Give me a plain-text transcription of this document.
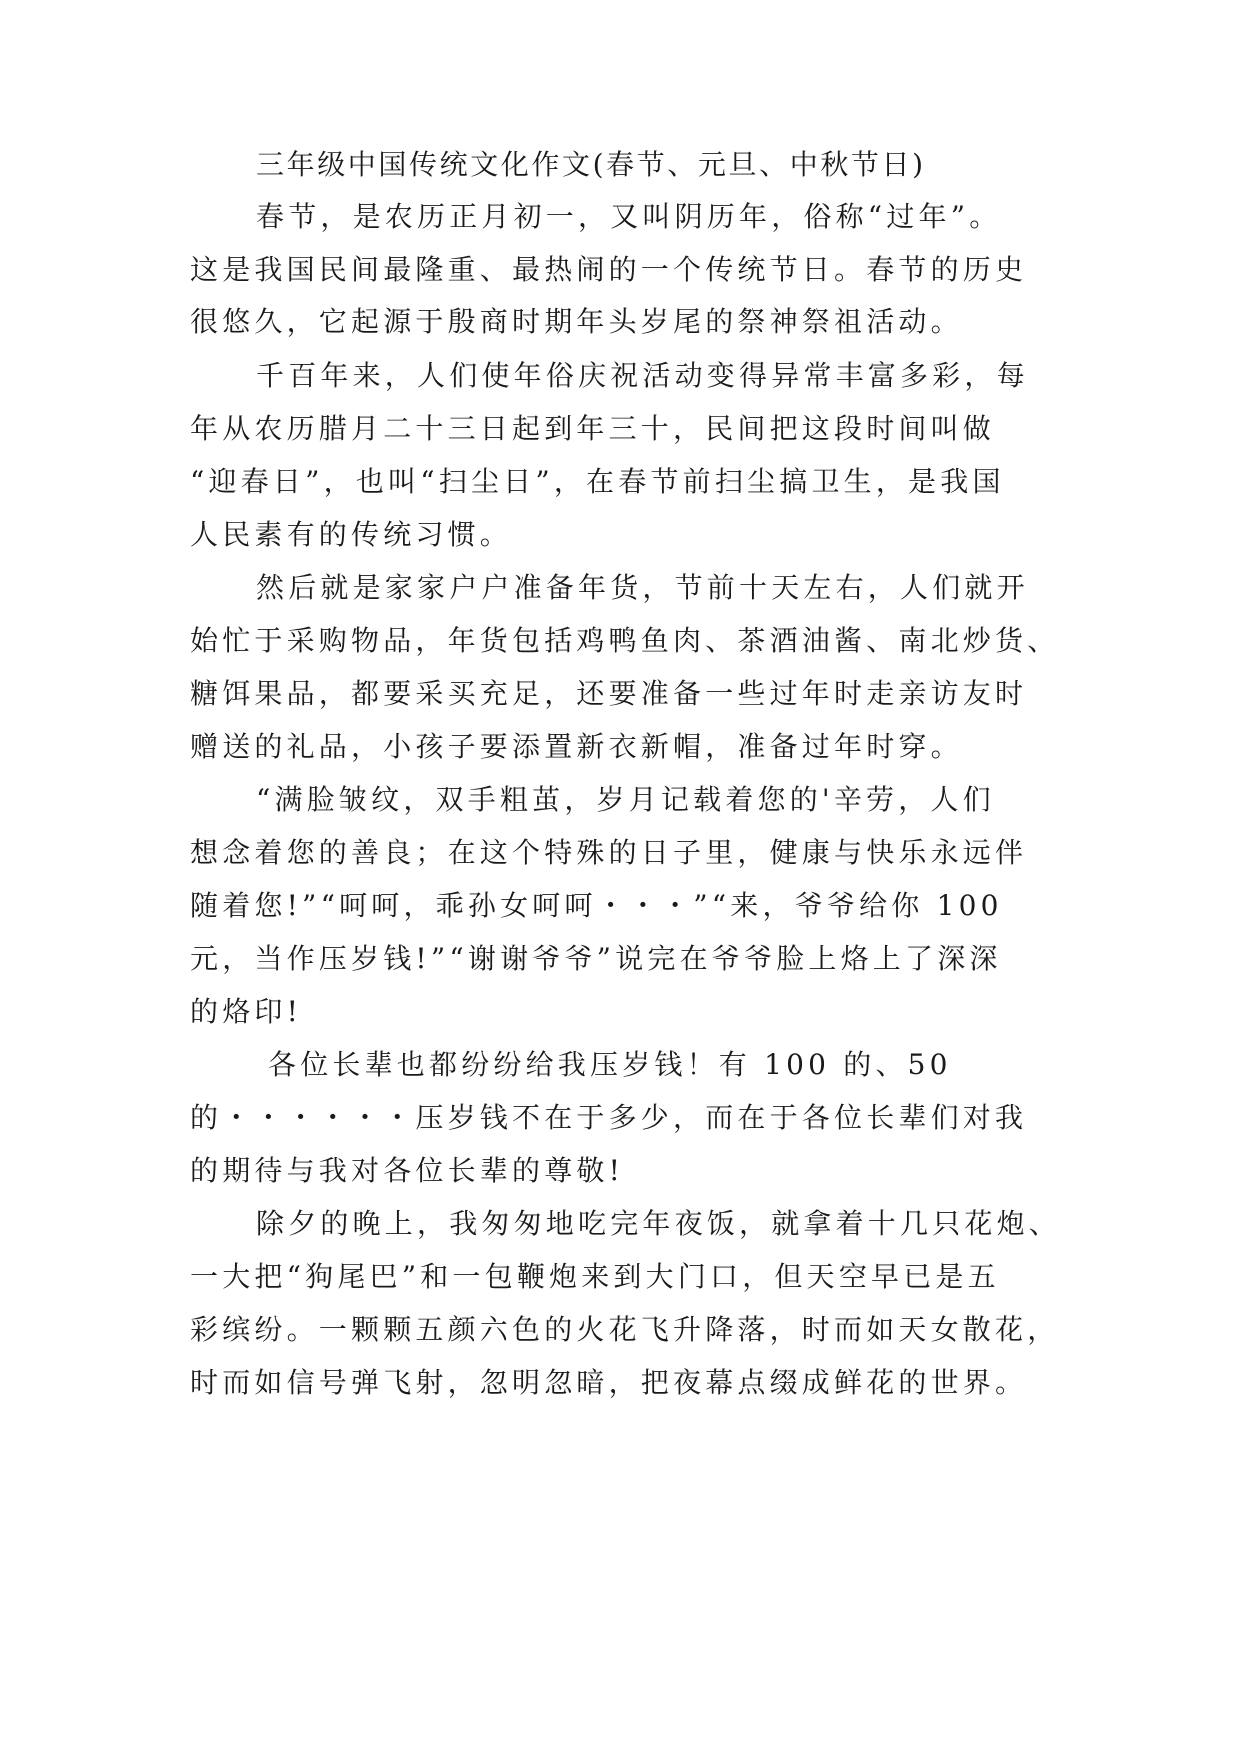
三年级中国传统文化作文(春节、元旦、中秋节日)
春节，是农历正月初一，又叫阴历年，俗称“过年”。
这是我国民间最隆重、最热闹的一个传统节日。春节的历史
很悠久，它起源于殷商时期年头岁尾的祭神祭祖活动。
千百年来，人们使年俗庆祝活动变得异常丰富多彩，每
年从农历腊月二十三日起到年三十，民间把这段时间叫做
“迎春日”，也叫“扫尘日”，在春节前扫尘搞卫生，是我国
人民素有的传统习惯。
然后就是家家户户准备年货，节前十天左右，人们就开
始忙于采购物品，年货包括鸡鸭鱼肉、茶酒油酱、南北炒货、
糖饵果品，都要采买充足，还要准备一些过年时走亲访友时
赠送的礼品，小孩子要添置新衣新帽，准备过年时穿。
“满脸皱纹，双手粗茧，岁月记载着您的'辛劳，人们
想念着您的善良；在这个特殊的日子里，健康与快乐永远伴
随着您!”“呵呵，乖孙女呵呵・・・”“来，爷爷给你 100
元，当作压岁钱!”“谢谢爷爷”说完在爷爷脸上烙上了深深
的烙印!
各位长辈也都纷纷给我压岁钱！有 100 的、50
的・・・・・・压岁钱不在于多少，而在于各位长辈们对我
的期待与我对各位长辈的尊敬!
除夕的晚上，我匆匆地吃完年夜饭，就拿着十几只花炮、
一大把“狗尾巴”和一包鞭炮来到大门口，但天空早已是五
彩缤纷。一颗颗五颜六色的火花飞升降落，时而如天女散花，
时而如信号弹飞射，忽明忽暗，把夜幕点缀成鲜花的世界。
